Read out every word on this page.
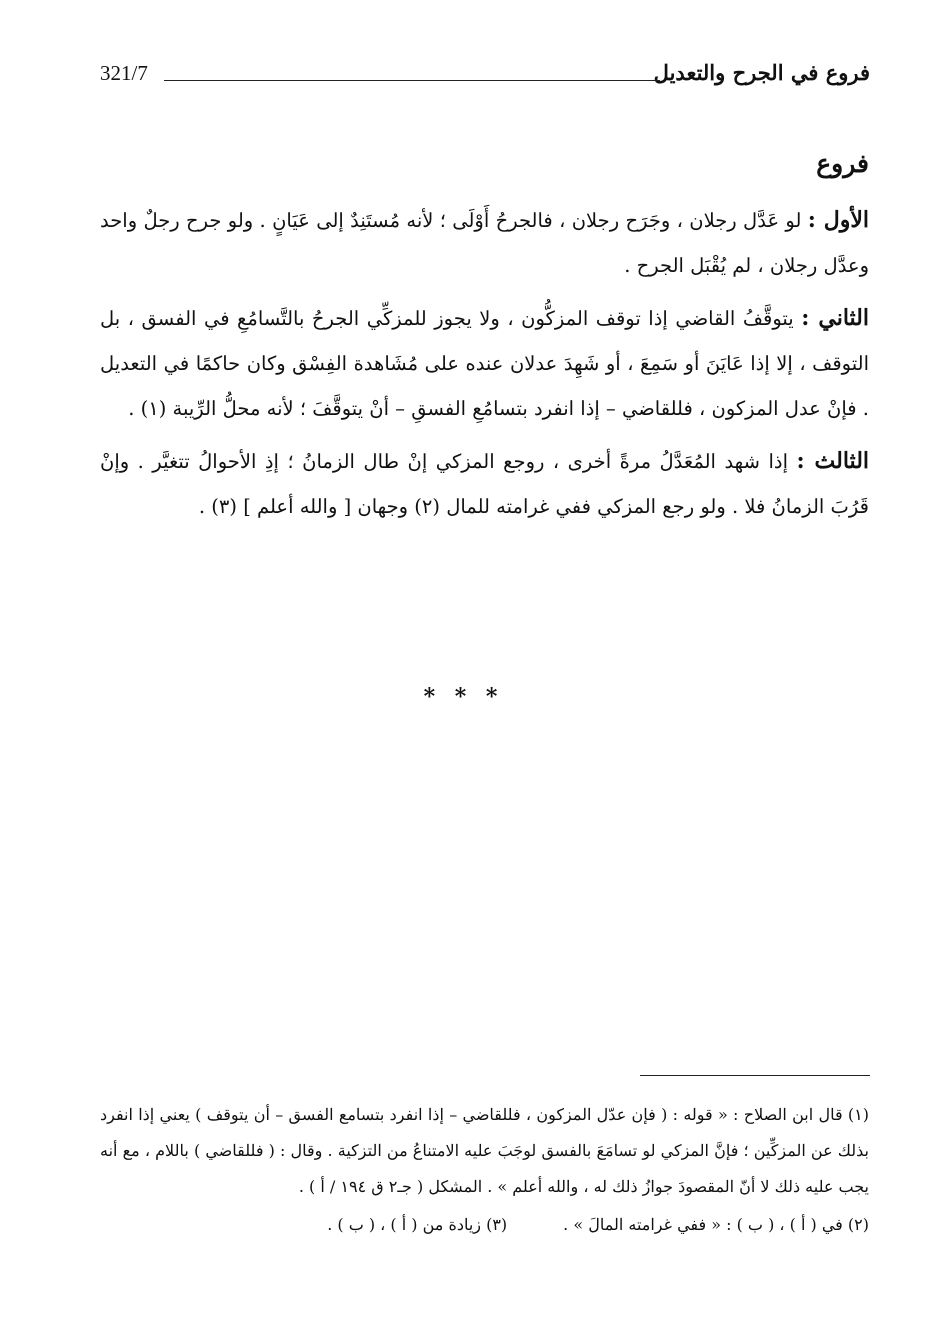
فروع في الجرح والتعديل
321/7
فروع

الأول : لو عَدَّل رجلان ، وجَرَح رجلان ، فالجرحُ أَوْلَى ؛ لأنه مُستَنِدٌ إلى عَيَانٍ . ولو جرح رجلٌ واحد وعدَّل رجلان ، لم يُقْبَل الجرح .

الثاني : يتوقَّفُ القاضي إذا توقف المزكُّون ، ولا يجوز للمزكِّي الجرحُ بالتَّسامُعِ في الفسق ، بل التوقف ، إلا إذا عَايَنَ أو سَمِعَ ، أو شَهِدَ عدلان عنده على مُشَاهدة الفِسْق وكان حاكمًا في التعديل . فإنْ عدل المزكون ، فللقاضي – إذا انفرد بتسامُعِ الفسقِ – أنْ يتوقَّفَ ؛ لأنه محلُّ الرِّيبة (١) .

الثالث : إذا شهد المُعَدَّلُ مرةً أخرى ، روجع المزكي إنْ طال الزمانُ ؛ إذِ الأحوالُ تتغيَّر . وإنْ قَرُبَ الزمانُ فلا . ولو رجع المزكي ففي غرامته للمال (٢) وجهان [ والله أعلم ] (٣) .

* * *

(١) قال ابن الصلاح : « قوله : ( فإن عدّل المزكون ، فللقاضي – إذا انفرد بتسامع الفسق – أن يتوقف ) يعني إذا انفرد بذلك عن المزكِّين ؛ فإنَّ المزكي لو تسامَعَ بالفسق لوجَبَ عليه الامتناعُ من التزكية . وقال : ( فللقاضي ) باللام ، مع أنه يجب عليه ذلك لا أنّ المقصودَ جوازُ ذلك له ، والله أعلم » . المشكل ( جـ٢ ق ١٩٤ / أ ) .

(٢) في ( أ ) ، ( ب ) : « ففي غرامته المالَ » .

(٣) زيادة من ( أ ) ، ( ب ) .
